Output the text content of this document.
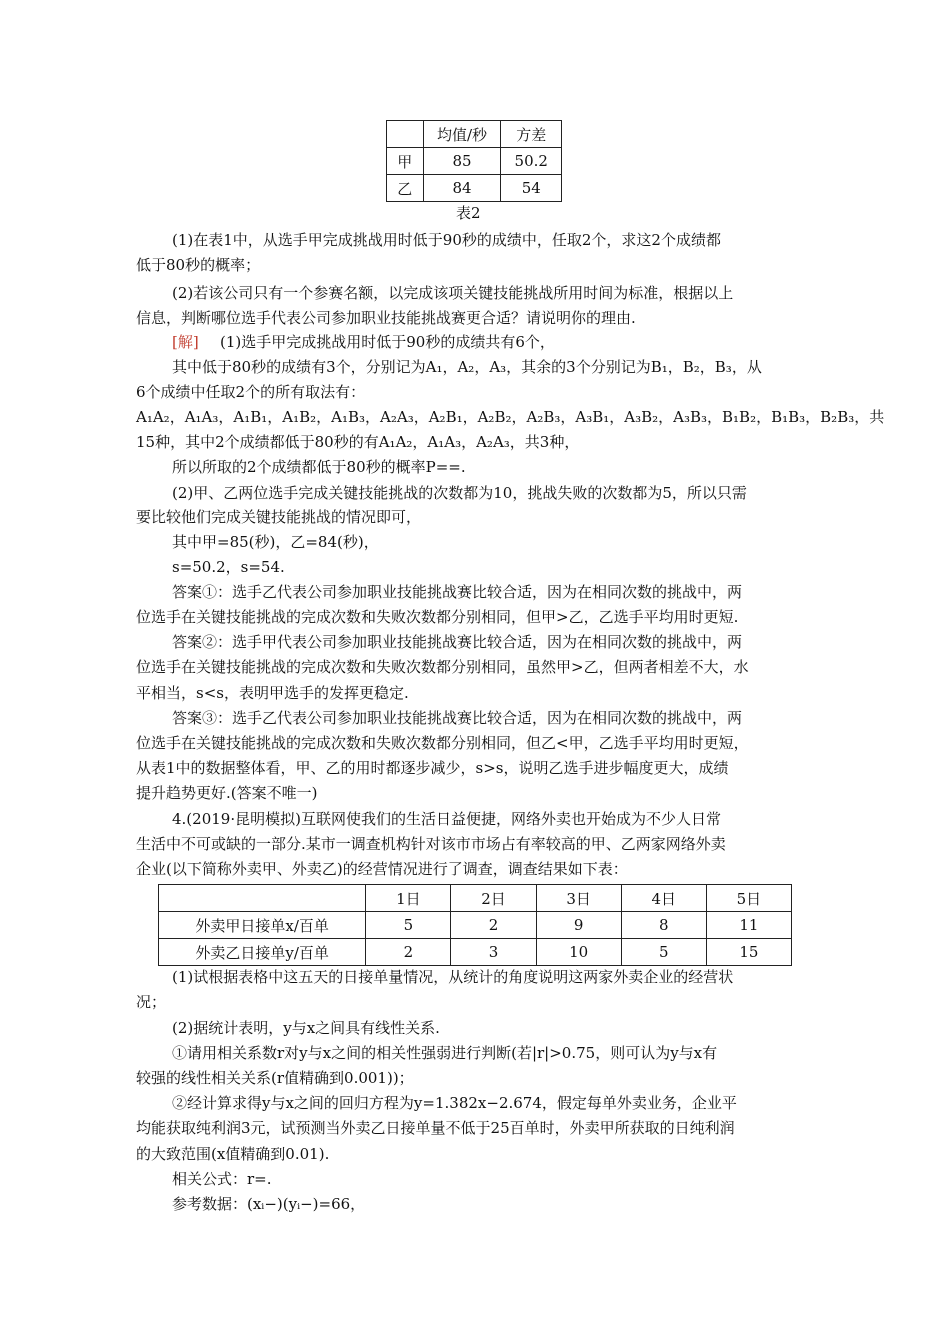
	均值/秒	方差
甲	85	50.2
乙	84	54
表2
(1)在表1中，从选手甲完成挑战用时低于90秒的成绩中，任取2个，求这2个成绩都
低于80秒的概率；
(2)若该公司只有一个参赛名额，以完成该项关键技能挑战所用时间为标准，根据以上
信息，判断哪位选手代表公司参加职业技能挑战赛更合适？请说明你的理由.
[解] (1)选手甲完成挑战用时低于90秒的成绩共有6个，
其中低于80秒的成绩有3个，分别记为A₁，A₂，A₃，其余的3个分别记为B₁，B₂，B₃，从
6个成绩中任取2个的所有取法有：
A₁A₂，A₁A₃，A₁B₁，A₁B₂，A₁B₃，A₂A₃，A₂B₁，A₂B₂，A₂B₃，A₃B₁，A₃B₂，A₃B₃，B₁B₂，B₁B₃，B₂B₃，共
15种，其中2个成绩都低于80秒的有A₁A₂，A₁A₃，A₂A₃，共3种，
所以所取的2个成绩都低于80秒的概率P==.
(2)甲、乙两位选手完成关键技能挑战的次数都为10，挑战失败的次数都为5，所以只需
要比较他们完成关键技能挑战的情况即可，
其中甲=85(秒)，乙=84(秒)，
s=50.2，s=54.
答案①：选手乙代表公司参加职业技能挑战赛比较合适，因为在相同次数的挑战中，两
位选手在关键技能挑战的完成次数和失败次数都分别相同，但甲>乙，乙选手平均用时更短.
答案②：选手甲代表公司参加职业技能挑战赛比较合适，因为在相同次数的挑战中，两
位选手在关键技能挑战的完成次数和失败次数都分别相同，虽然甲>乙，但两者相差不大，水
平相当，s<s，表明甲选手的发挥更稳定.
答案③：选手乙代表公司参加职业技能挑战赛比较合适，因为在相同次数的挑战中，两
位选手在关键技能挑战的完成次数和失败次数都分别相同，但乙<甲，乙选手平均用时更短，
从表1中的数据整体看，甲、乙的用时都逐步减少，s>s，说明乙选手进步幅度更大，成绩
提升趋势更好.(答案不唯一)
4.(2019·昆明模拟)互联网使我们的生活日益便捷，网络外卖也开始成为不少人日常
生活中不可或缺的一部分.某市一调查机构针对该市市场占有率较高的甲、乙两家网络外卖
企业(以下简称外卖甲、外卖乙)的经营情况进行了调查，调查结果如下表：
	1日	2日	3日	4日	5日
外卖甲日接单x/百单	5	2	9	8	11
外卖乙日接单y/百单	2	3	10	5	15
(1)试根据表格中这五天的日接单量情况，从统计的角度说明这两家外卖企业的经营状
况；
(2)据统计表明，y与x之间具有线性关系.
①请用相关系数r对y与x之间的相关性强弱进行判断(若|r|>0.75，则可认为y与x有
较强的线性相关关系(r值精确到0.001))；
②经计算求得y与x之间的回归方程为y=1.382x−2.674，假定每单外卖业务，企业平
均能获取纯利润3元，试预测当外卖乙日接单量不低于25百单时，外卖甲所获取的日纯利润
的大致范围(x值精确到0.01).
相关公式：r=.
参考数据：(xᵢ−)(yᵢ−)=66，
